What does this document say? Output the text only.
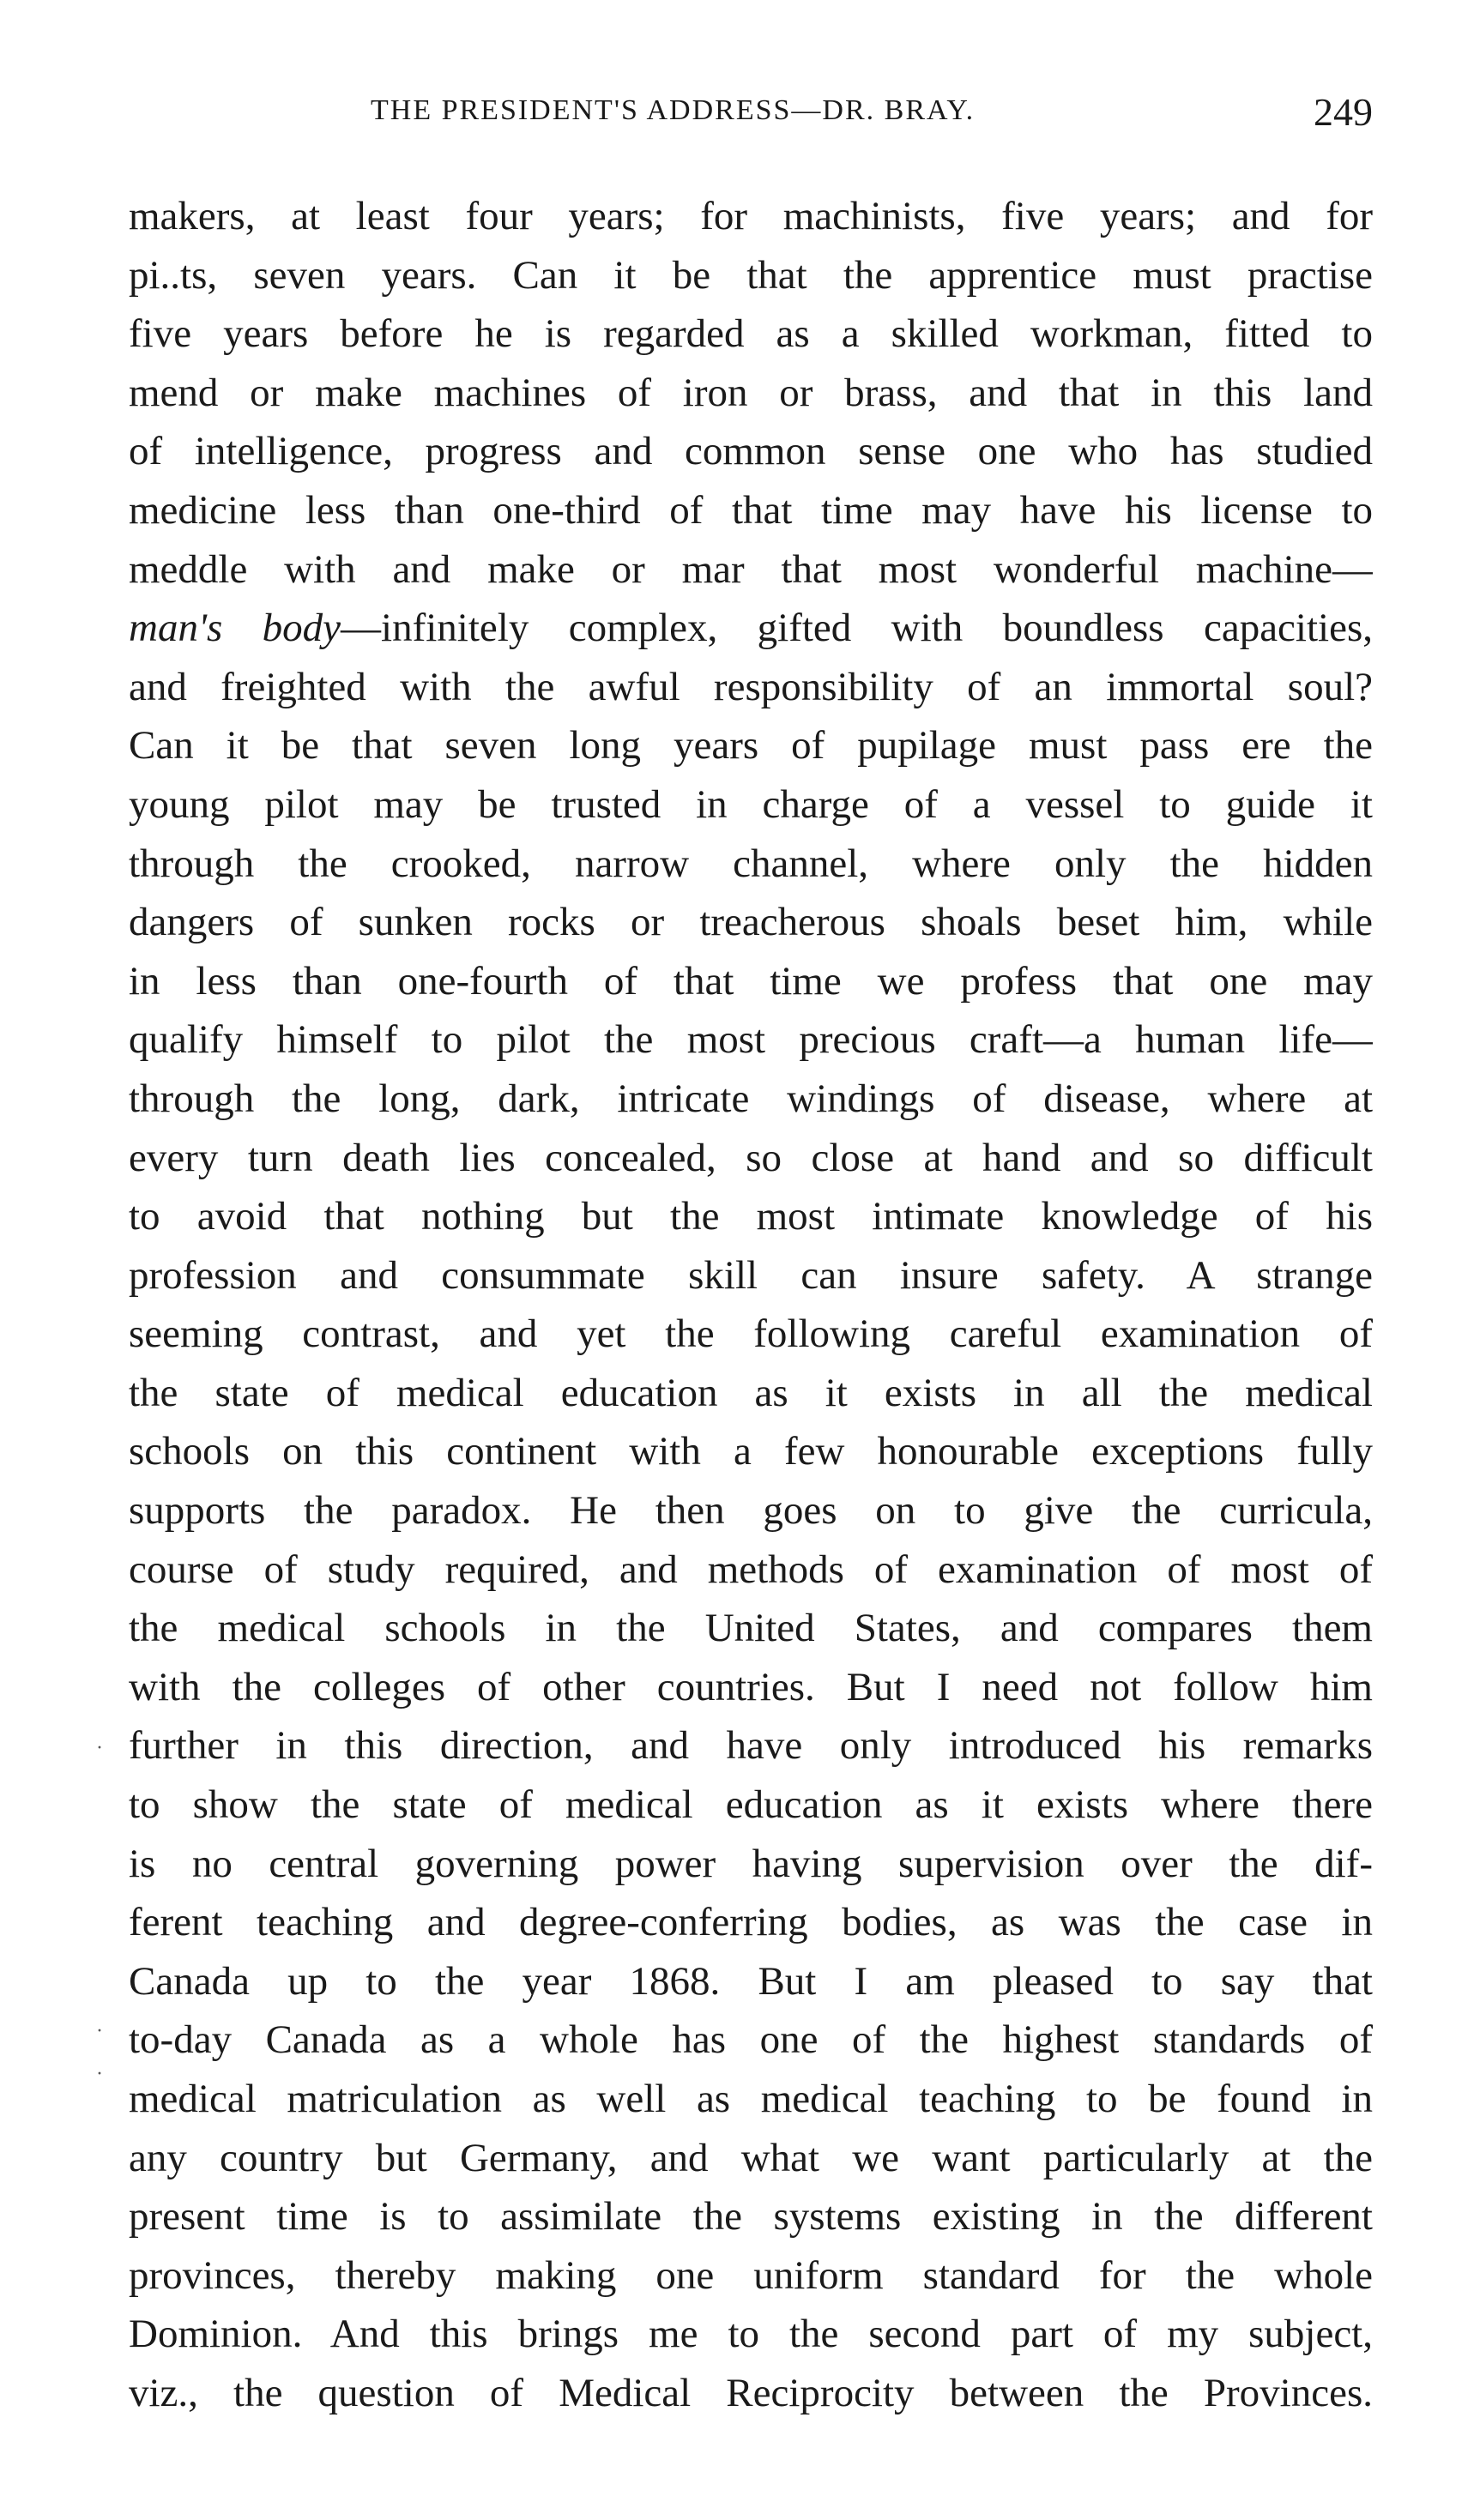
THE PRESIDENT'S ADDRESS—DR. BRAY.	249
makers, at least four years; for machinists, five years; and for
pi..ts, seven years. Can it be that the apprentice must practise
five years before he is regarded as a skilled workman, fitted to
mend or make machines of iron or brass, and that in this land
of intelligence, progress and common sense one who has studied
medicine less than one-third of that time may have his license to
meddle with and make or mar that most wonderful machine—
man's body—infinitely complex, gifted with boundless capacities,
and freighted with the awful responsibility of an immortal soul?
Can it be that seven long years of pupilage must pass ere the
young pilot may be trusted in charge of a vessel to guide it
through the crooked, narrow channel, where only the hidden
dangers of sunken rocks or treacherous shoals beset him, while
in less than one-fourth of that time we profess that one may
qualify himself to pilot the most precious craft—a human life—
through the long, dark, intricate windings of disease, where at
every turn death lies concealed, so close at hand and so difficult
to avoid that nothing but the most intimate knowledge of his
profession and consummate skill can insure safety. A strange
seeming contrast, and yet the following careful examination of
the state of medical education as it exists in all the medical
schools on this continent with a few honourable exceptions fully
supports the paradox. He then goes on to give the curricula,
course of study required, and methods of examination of most of
the medical schools in the United States, and compares them
with the colleges of other countries. But I need not follow him
further in this direction, and have only introduced his remarks
to show the state of medical education as it exists where there
is no central governing power having supervision over the dif-
ferent teaching and degree-conferring bodies, as was the case in
Canada up to the year 1868. But I am pleased to say that
to-day Canada as a whole has one of the highest standards of
medical matriculation as well as medical teaching to be found in
any country but Germany, and what we want particularly at the
present time is to assimilate the systems existing in the different
provinces, thereby making one uniform standard for the whole
Dominion. And this brings me to the second part of my subject,
viz., the question of Medical Reciprocity between the Provinces.
·
·
·
